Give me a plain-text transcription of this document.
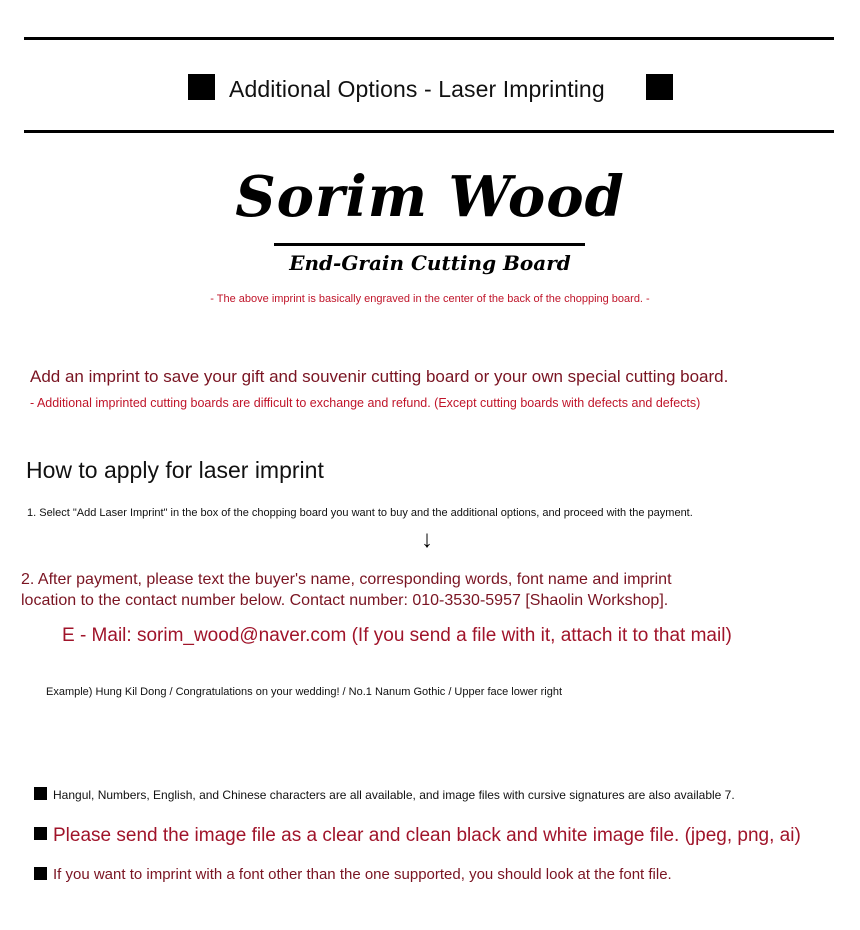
Additional Options - Laser Imprinting
Sorim Wood
End-Grain Cutting Board
- The above imprint is basically engraved in the center of the back of the chopping board. -
Add an imprint to save your gift and souvenir cutting board or your own special cutting board.
- Additional imprinted cutting boards are difficult to exchange and refund. (Except cutting boards with defects and defects)
How to apply for laser imprint
1. Select "Add Laser Imprint" in the box of the chopping board you want to buy and the additional options, and proceed with the payment.
↓
2. After payment, please text the buyer's name, corresponding words, font name and imprint
location to the contact number below. Contact number: 010-3530-5957 [Shaolin Workshop].
E - Mail: sorim_wood@naver.com (If you send a file with it, attach it to that mail)
Example) Hung Kil Dong / Congratulations on your wedding! / No.1 Nanum Gothic / Upper face lower right
Hangul, Numbers, English, and Chinese characters are all available, and image files with cursive signatures are also available 7.
Please send the image file as a clear and clean black and white image file. (jpeg, png, ai)
If you want to imprint with a font other than the one supported, you should look at the font file.
